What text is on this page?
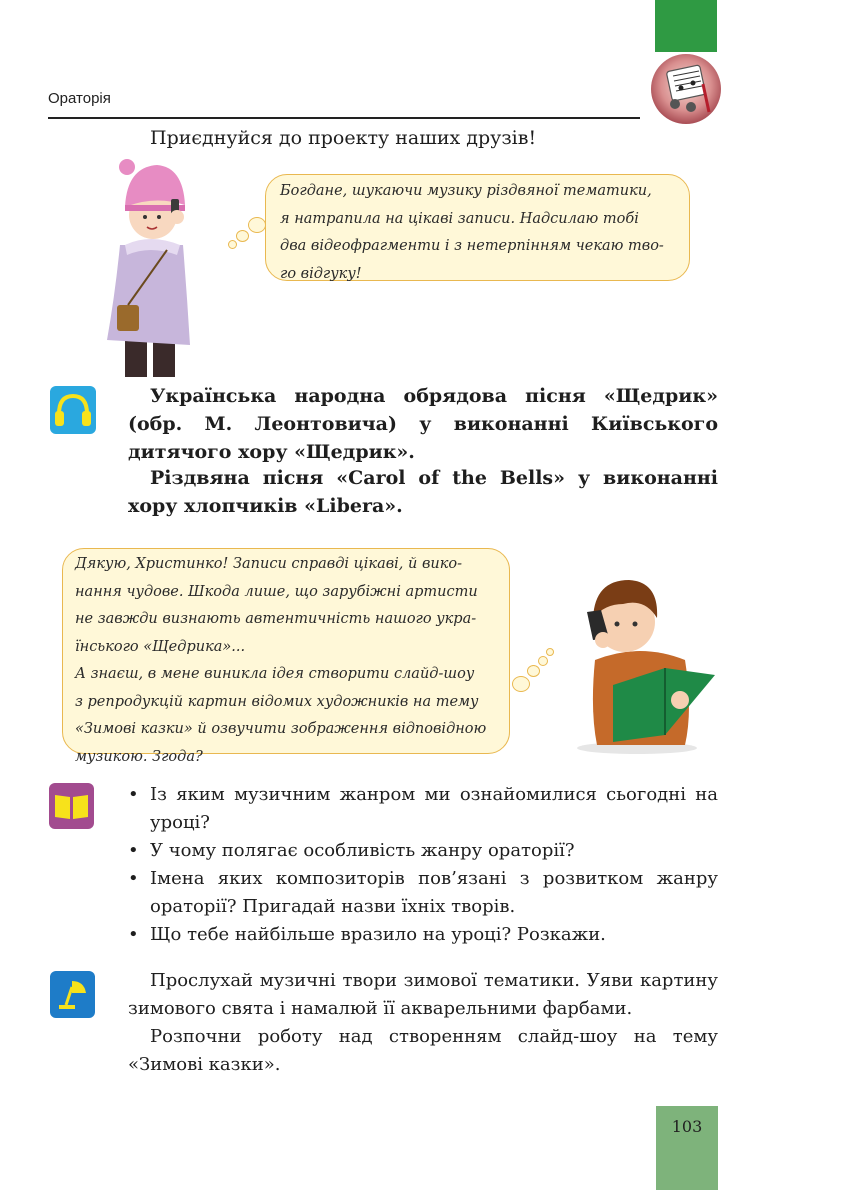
Ораторія
Приєднуйся до проекту наших друзів!
Богдане, шукаючи музику різдвяної тематики,
я натрапила на цікаві записи. Надсилаю тобі
два відеофрагменти і з нетерпінням чекаю тво-
го відгуку!
Українська народна обрядова пісня «Щедрик» (обр. М. Леонтовича) у виконанні Київського дитячого хору «Щедрик».
Різдвяна пісня «Carol of the Bells» у виконанні хору хлопчиків «Libera».
Дякую, Христинко! Записи справді цікаві, й вико-
нання чудове. Шкода лише, що зарубіжні артисти
не завжди визнають автентичність нашого укра-
їнського «Щедрика»...
А знаєш, в мене виникла ідея створити слайд-шоу
з репродукцій картин відомих художників на тему
«Зимові казки» й озвучити зображення відповідною
музикою. Згода?
• Із яким музичним жанром ми ознайомилися сьогодні на уроці?
• У чому полягає особливість жанру ораторії?
• Імена яких композиторів пов’язані з розвитком жанру ораторії? Пригадай назви їхніх творів.
• Що тебе найбільше вразило на уроці? Розкажи.
Прослухай музичні твори зимової тематики. Уяви картину зимового свята і намалюй її акварельними фарбами.
Розпочни роботу над створенням слайд-шоу на тему «Зимові казки».
103
